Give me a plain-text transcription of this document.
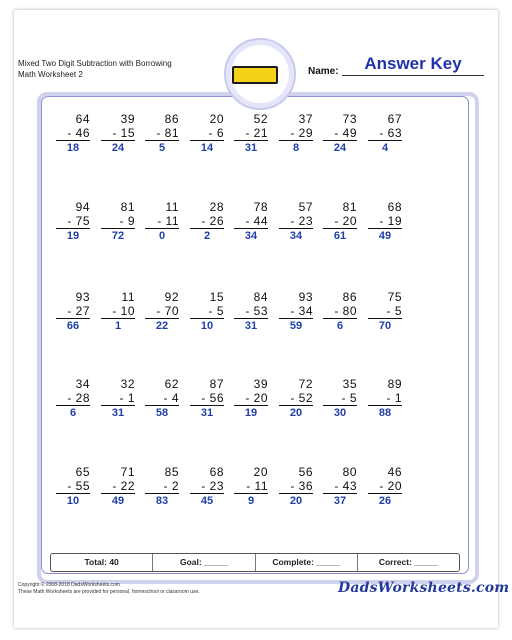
Mixed Two Digit Subtraction with Borrowing
Math Worksheet 2	Name:	Answer Key
64
- 46
18
39
- 15
24
86
- 81
5
20
- 6
14
52
- 21
31
37
- 29
8
73
- 49
24
67
- 63
4
94
- 75
19
81
- 9
72
11
- 11
0
28
- 26
2
78
- 44
34
57
- 23
34
81
- 20
61
68
- 19
49
93
- 27
66
11
- 10
1
92
- 70
22
15
- 5
10
84
- 53
31
93
- 34
59
86
- 80
6
75
- 5
70
34
- 28
6
32
- 1
31
62
- 4
58
87
- 56
31
39
- 20
19
72
- 52
20
35
- 5
30
89
- 1
88
65
- 55
10
71
- 22
49
85
- 2
83
68
- 23
45
20
- 11
9
56
- 36
20
80
- 43
37
46
- 20
26
Total: 40	Goal: _____	Complete: _____	Correct: _____
Copyright © 2008-2018 DadsWorksheets.com
These Math Worksheets are provided for personal, homeschool or classroom use.	DadsWorksheets.com
